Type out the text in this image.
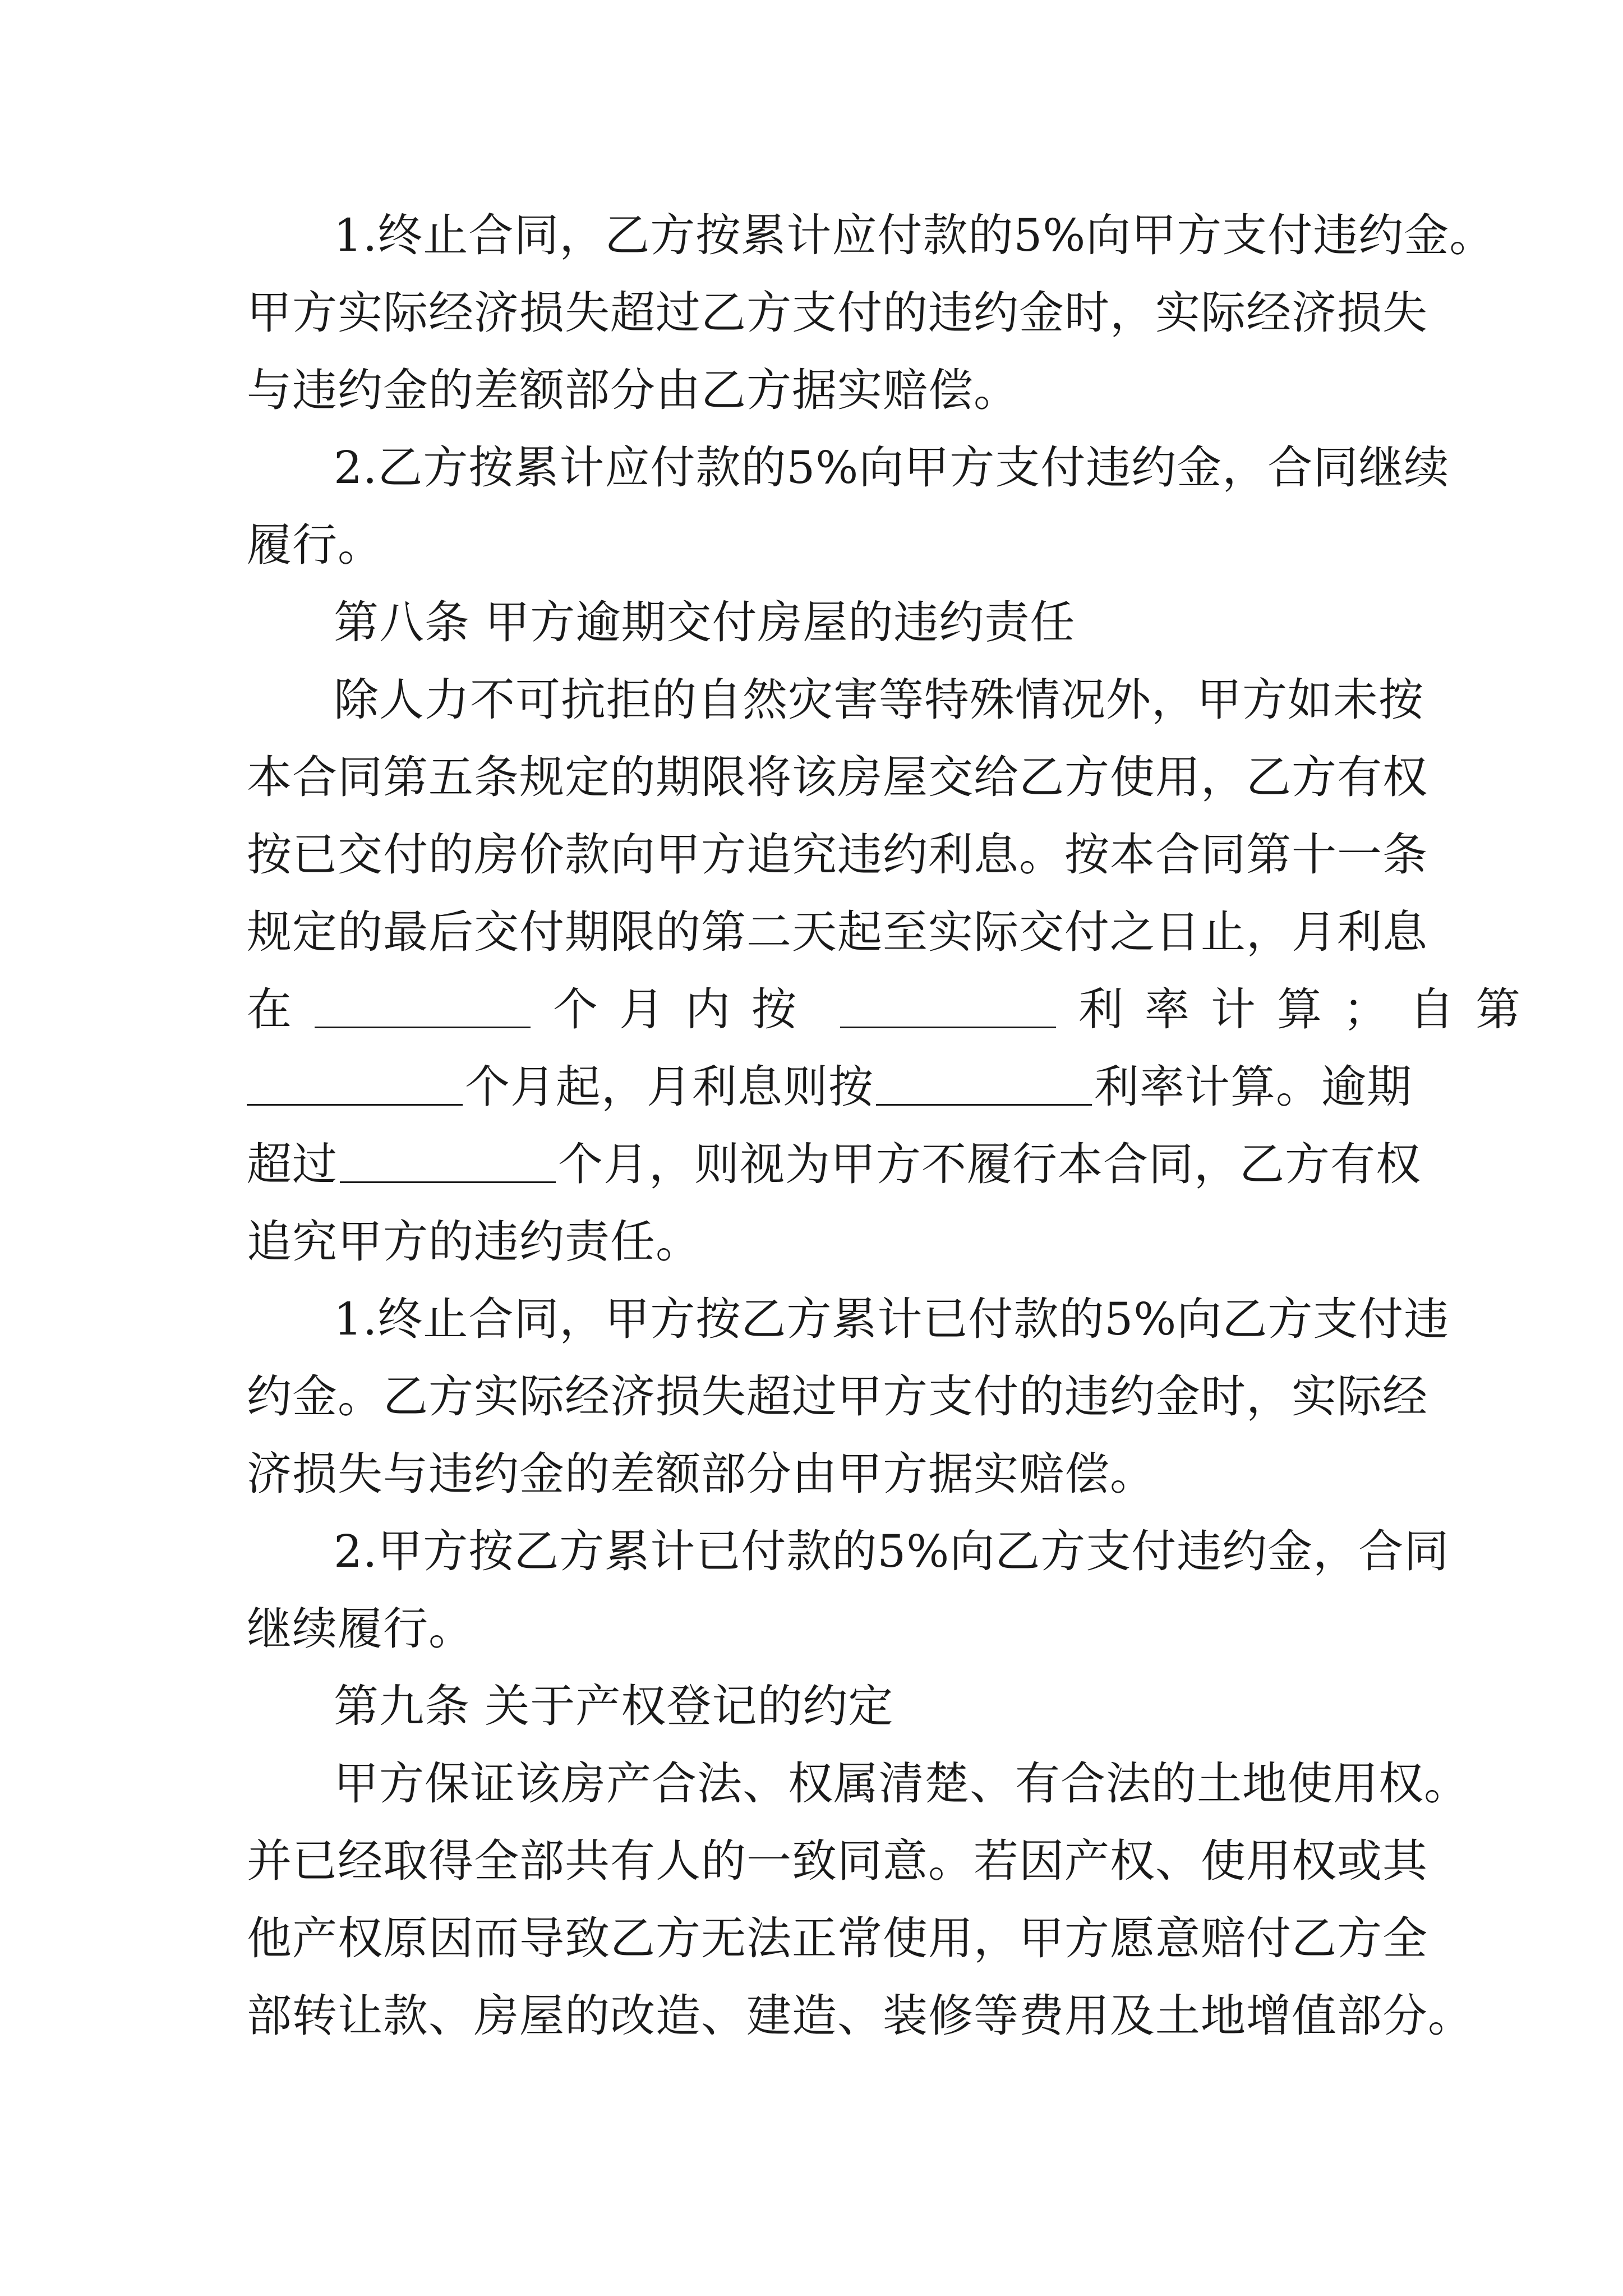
1.终止合同，乙方按累计应付款的5%向甲方支付违约金。
甲方实际经济损失超过乙方支付的违约金时，实际经济损失
与违约金的差额部分由乙方据实赔偿。
2.乙方按累计应付款的5%向甲方支付违约金，合同继续
履行。
第八条 甲方逾期交付房屋的违约责任
除人力不可抗拒的自然灾害等特殊情况外，甲方如未按
本合同第五条规定的期限将该房屋交给乙方使用，乙方有权
按已交付的房价款向甲方追究违约利息。按本合同第十一条
规定的最后交付期限的第二天起至实际交付之日止，月利息
在	个月内按	利率计算；自第
个月起，月利息则按	利率计算。逾期
超过	个月，则视为甲方不履行本合同，乙方有权
追究甲方的违约责任。
1.终止合同，甲方按乙方累计已付款的5%向乙方支付违
约金。乙方实际经济损失超过甲方支付的违约金时，实际经
济损失与违约金的差额部分由甲方据实赔偿。
2.甲方按乙方累计已付款的5%向乙方支付违约金，合同
继续履行。
第九条 关于产权登记的约定
甲方保证该房产合法、权属清楚、有合法的土地使用权。
并已经取得全部共有人的一致同意。若因产权、使用权或其
他产权原因而导致乙方无法正常使用，甲方愿意赔付乙方全
部转让款、房屋的改造、建造、装修等费用及土地增值部分。
